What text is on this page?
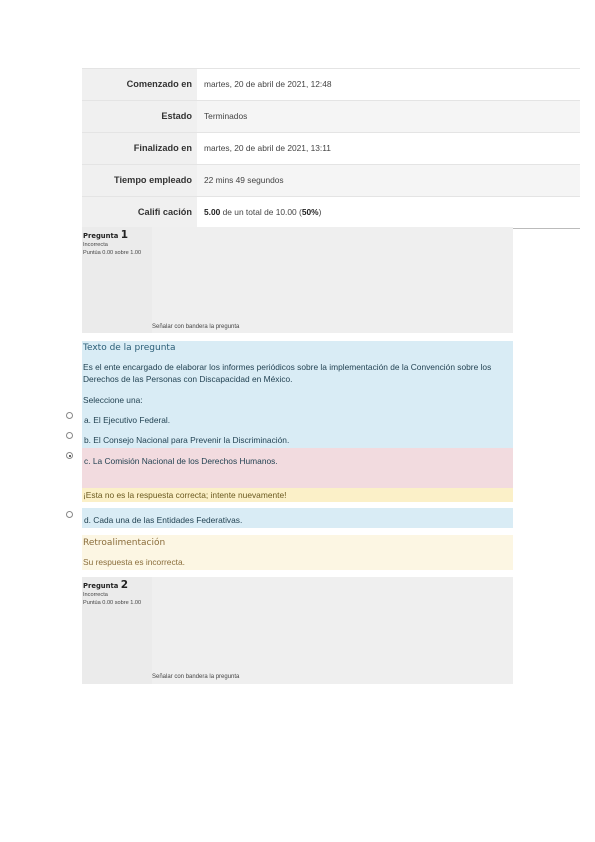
Comenzado en	martes, 20 de abril de 2021, 12:48
Estado	Terminados
Finalizado en	martes, 20 de abril de 2021, 13:11
Tiempo empleado	22 mins 49 segundos
Califi cación	5.00 de un total de 10.00 (50%)
Pregunta 1
Incorrecta
Puntúa 0.00 sobre 1.00
Señalar con bandera la pregunta
Texto de la pregunta
Es el ente encargado de elaborar los informes periódicos sobre la implementación de la Convención sobre los Derechos de las Personas con Discapacidad en México.
Seleccione una:
a. El Ejecutivo Federal.
b. El Consejo Nacional para Prevenir la Discriminación.
c. La Comisión Nacional de los Derechos Humanos.
¡Esta no es la respuesta correcta; intente nuevamente!
d. Cada una de las Entidades Federativas.
Retroalimentación
Su respuesta es incorrecta.
Pregunta 2
Incorrecta
Puntúa 0.00 sobre 1.00
Señalar con bandera la pregunta
